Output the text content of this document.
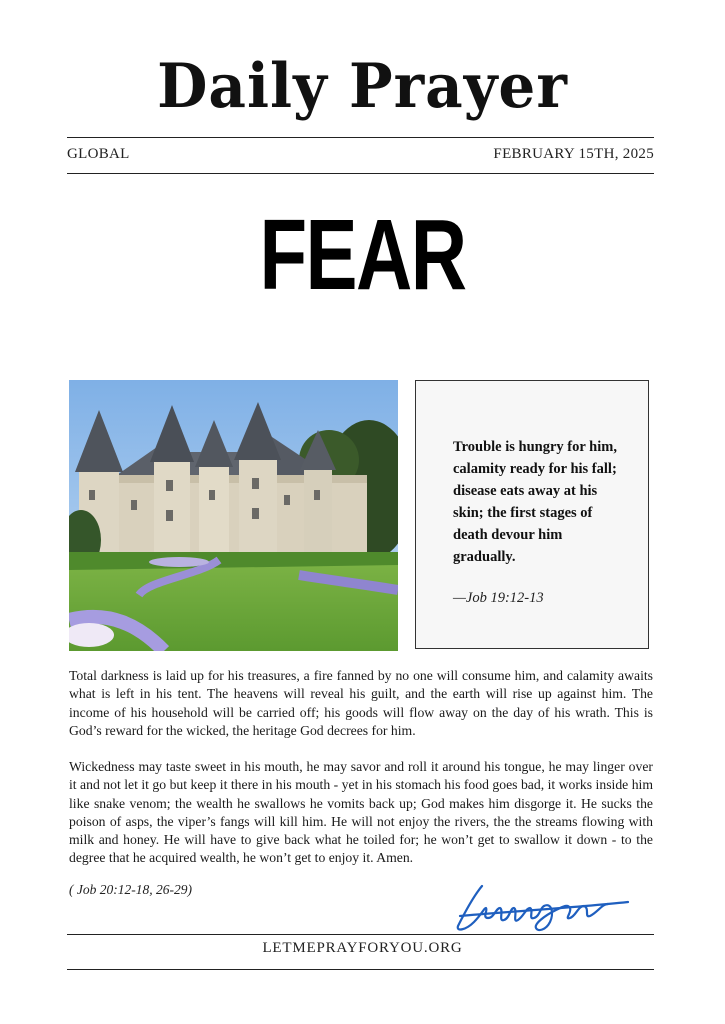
Daily Prayer
GLOBAL	FEBRUARY 15TH, 2025
FEAR
Trouble is hungry for him, calamity ready for his fall; disease eats away at his skin; the first stages of death devour him gradually.
—Job 19:12-13
Total darkness is laid up for his treasures, a fire fanned by no one will consume him, and calamity awaits what is left in his tent. The heavens will reveal his guilt, and the earth will rise up against him. The income of his household will be carried off; his goods will flow away on the day of his wrath. This is God’s reward for the wicked, the heritage God decrees for him.
Wickedness may taste sweet in his mouth, he may savor and roll it around his tongue, he may linger over it and not let it go but keep it there in his mouth - yet in his stomach his food goes bad, it works inside him like snake venom; the wealth he swallows he vomits back up; God makes him disgorge it. He sucks the poison of asps, the viper’s fangs will kill him. He will not enjoy the rivers, the the streams flowing with milk and honey. He will have to give back what he toiled for; he won’t get to swallow it down - to the degree that he acquired wealth, he won’t get to enjoy it. Amen.
( Job 20:12-18, 26-29)
LETMEPRAYFORYOU.ORG
